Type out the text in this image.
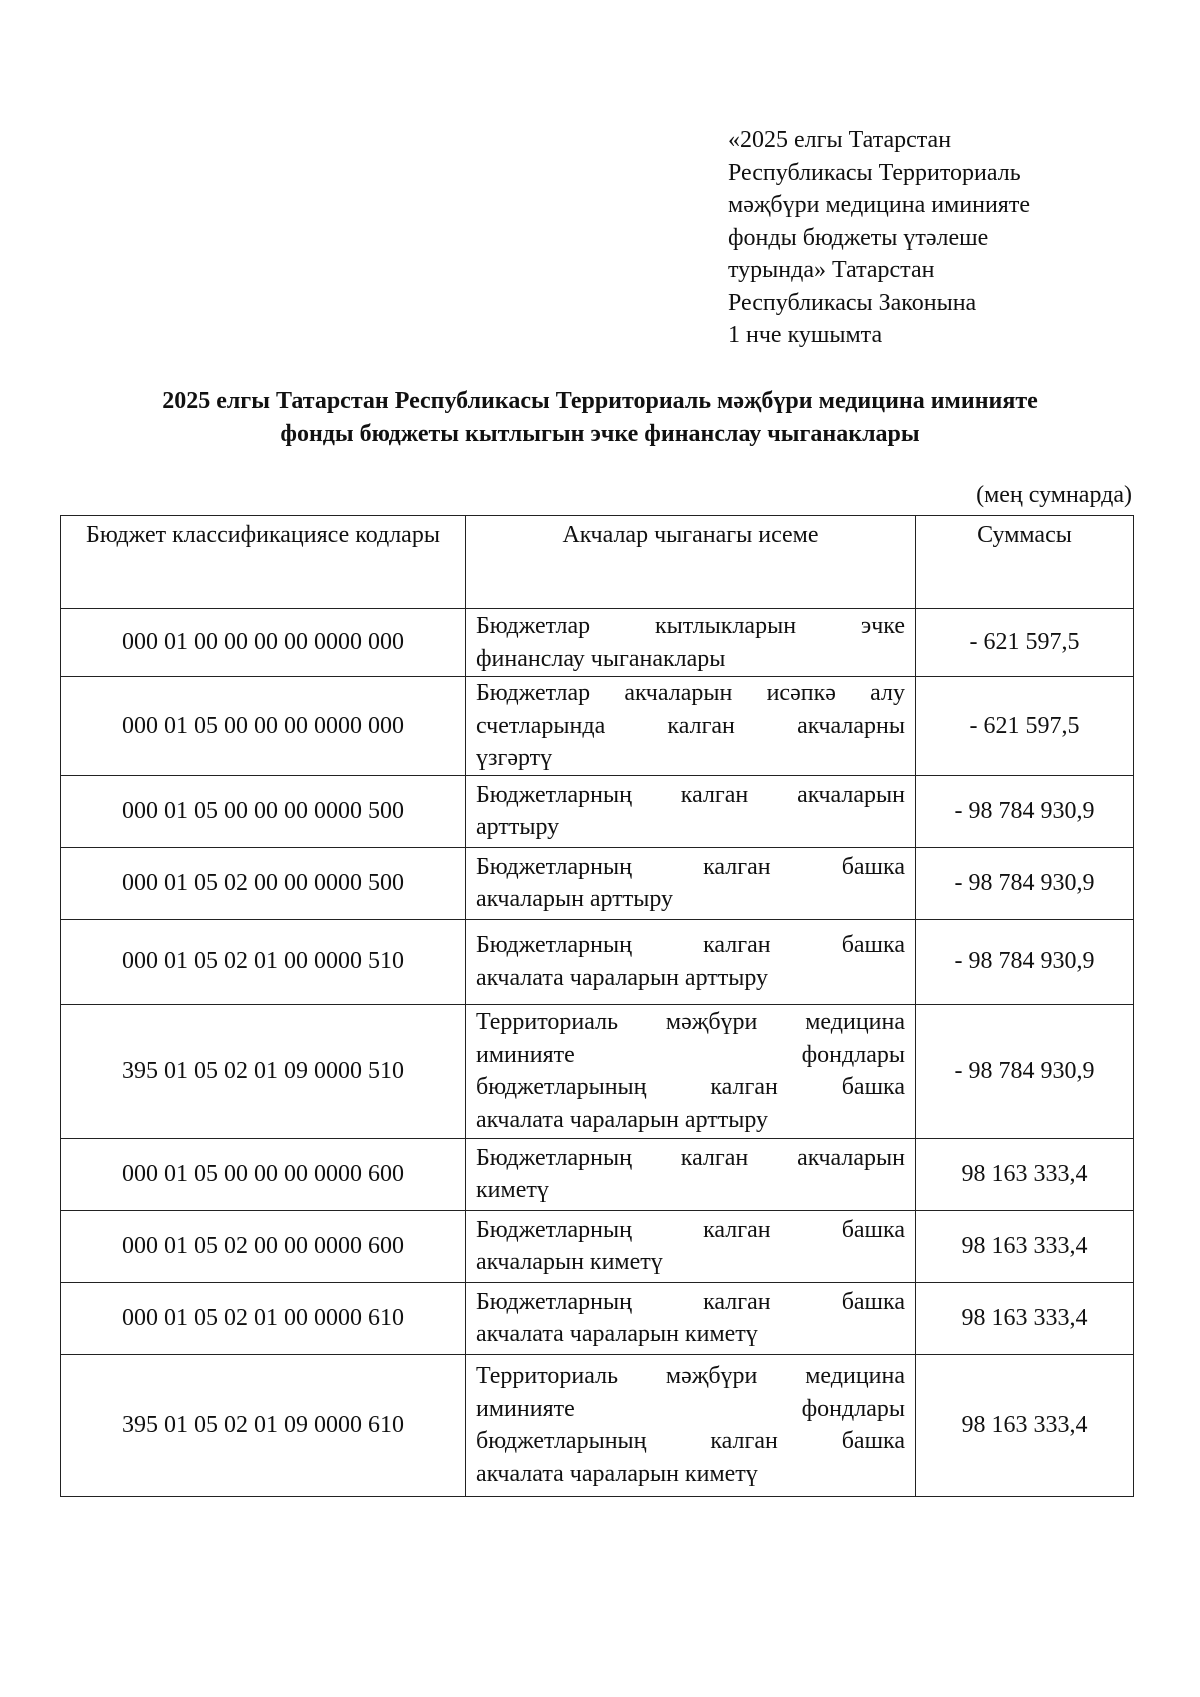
«2025 елгы Татарстан
Республикасы Территориаль
мәҗбүри медицина иминияте
фонды бюджеты үтәлеше
турында» Татарстан
Республикасы Законына
1 нче кушымта
2025 елгы Татарстан Республикасы Территориаль мәҗбүри медицина иминияте
фонды бюджеты кытлыгын эчке финанслау чыганаклары
(мең сумнарда)
Бюджет классификациясе кодлары	Акчалар чыганагы исеме	Суммасы
000 01 00 00 00 00 0000 000	Бюджетлар кытлыкларын эчке
финанслау чыганаклары	- 621 597,5
000 01 05 00 00 00 0000 000	Бюджетлар акчаларын исәпкә алу
счетларында калган акчаларны
үзгәртү	- 621 597,5
000 01 05 00 00 00 0000 500	Бюджетларның калган акчаларын
арттыру	- 98 784 930,9
000 01 05 02 00 00 0000 500	Бюджетларның калган башка
акчаларын арттыру	- 98 784 930,9
000 01 05 02 01 00 0000 510	Бюджетларның калган башка
акчалата чараларын арттыру	- 98 784 930,9
395 01 05 02 01 09 0000 510	Территориаль мәҗбүри медицина
иминияте фондлары
бюджетларының калган башка
акчалата чараларын арттыру	- 98 784 930,9
000 01 05 00 00 00 0000 600	Бюджетларның калган акчаларын
киметү	98 163 333,4
000 01 05 02 00 00 0000 600	Бюджетларның калган башка
акчаларын киметү	98 163 333,4
000 01 05 02 01 00 0000 610	Бюджетларның калган башка
акчалата чараларын киметү	98 163 333,4
395 01 05 02 01 09 0000 610	Территориаль мәҗбүри медицина
иминияте фондлары
бюджетларының калган башка
акчалата чараларын киметү	98 163 333,4
